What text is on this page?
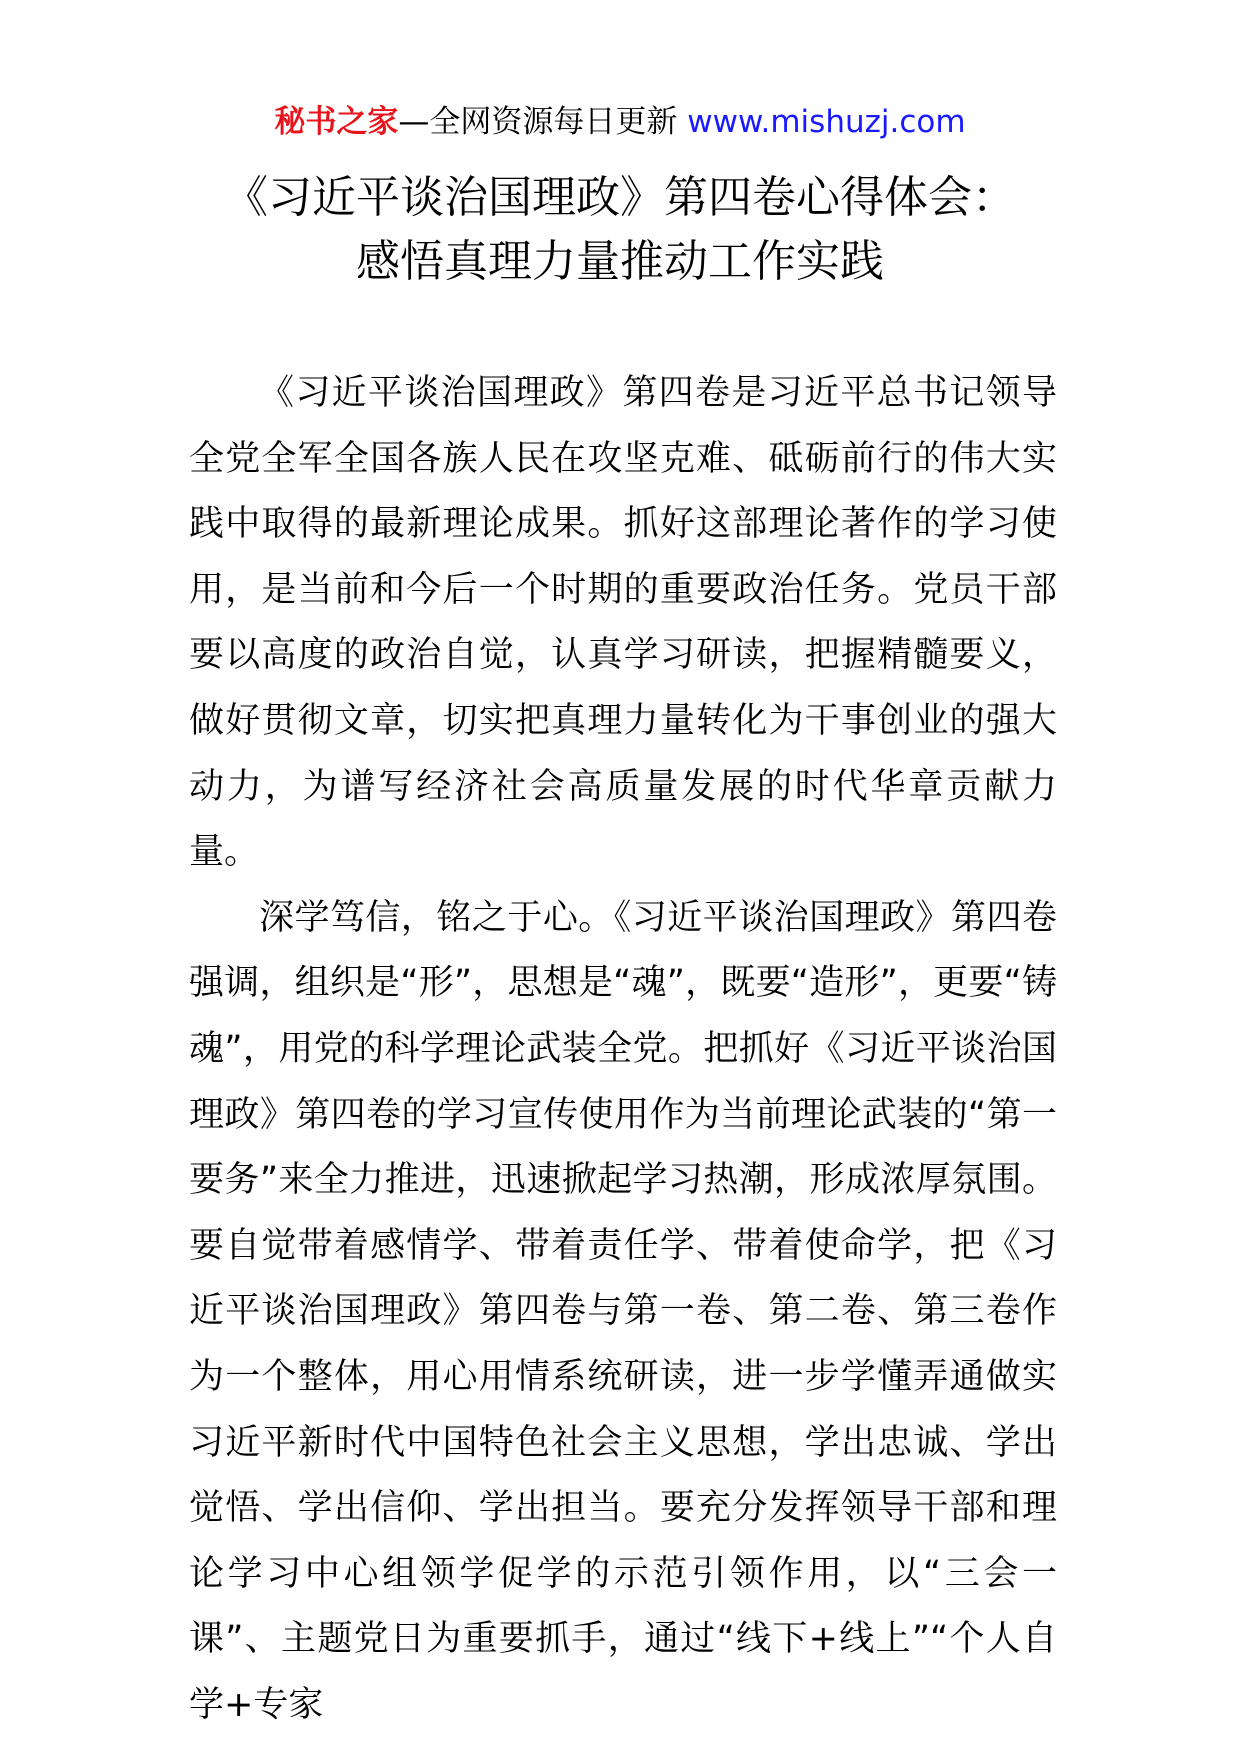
秘书之家—全网资源每日更新 www.mishuzj.com
《习近平谈治国理政》第四卷心得体会：
感悟真理力量推动工作实践

《习近平谈治国理政》第四卷是习近平总书记领导全党全军全国各族人民在攻坚克难、砥砺前行的伟大实践中取得的最新理论成果。抓好这部理论著作的学习使用，是当前和今后一个时期的重要政治任务。党员干部要以高度的政治自觉，认真学习研读，把握精髓要义，做好贯彻文章，切实把真理力量转化为干事创业的强大动力，为谱写经济社会高质量发展的时代华章贡献力量。

深学笃信，铭之于心。《习近平谈治国理政》第四卷强调，组织是“形”，思想是“魂”，既要“造形”，更要“铸魂”，用党的科学理论武装全党。把抓好《习近平谈治国理政》第四卷的学习宣传使用作为当前理论武装的“第一要务”来全力推进，迅速掀起学习热潮，形成浓厚氛围。要自觉带着感情学、带着责任学、带着使命学，把《习近平谈治国理政》第四卷与第一卷、第二卷、第三卷作为一个整体，用心用情系统研读，进一步学懂弄通做实习近平新时代中国特色社会主义思想，学出忠诚、学出觉悟、学出信仰、学出担当。要充分发挥领导干部和理论学习中心组领学促学的示范引领作用，以“三会一课”、主题党日为重要抓手，通过“线下+线上”“个人自学+专家
